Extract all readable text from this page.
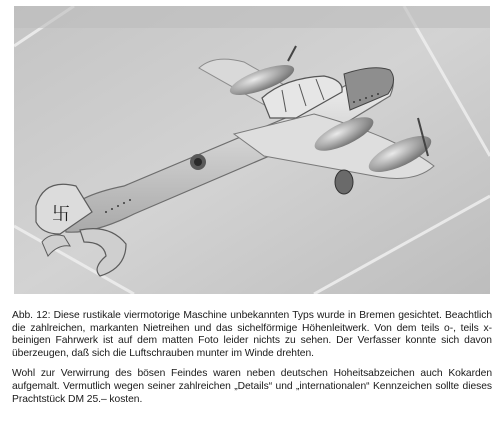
卐

Abb. 12: Diese rustikale viermotorige Maschine unbekannten Typs wurde in Bremen gesichtet. Beachtlich die zahlreichen, markanten Nietreihen und das sichelförmige Höhenleitwerk. Von dem teils o-, teils x-beinigen Fahrwerk ist auf dem matten Foto leider nichts zu sehen. Der Verfasser konnte sich davon überzeugen, daß sich die Luftschrauben munter im Winde drehten.

Wohl zur Verwirrung des bösen Feindes waren neben deutschen Hoheitsabzeichen auch Kokarden aufgemalt. Vermutlich wegen seiner zahlreichen „Details“ und „internationalen“ Kennzeichen sollte dieses Prachtstück DM 25.– kosten.
